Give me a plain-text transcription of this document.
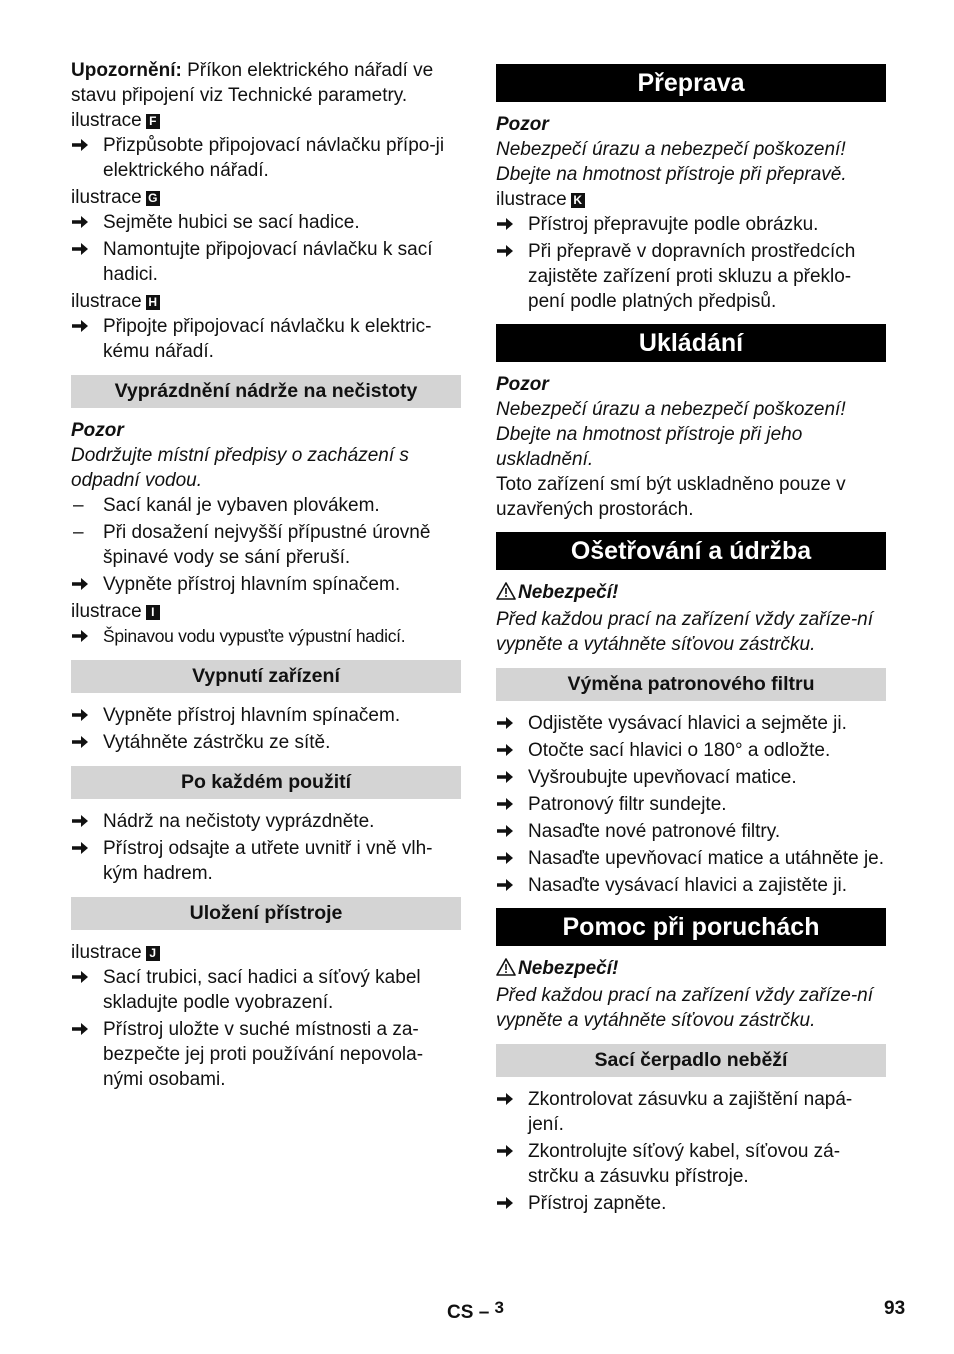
Upozornění: Příkon elektrického nářadí ve stavu připojení viz Technické parametry.

ilustrace F
Přizpůsobte připojovací návlačku přípo-ji elektrického nářadí.
ilustrace G
Sejměte hubici se sací hadice.
Namontujte připojovací návlačku k sací hadici.
ilustrace H
Připojte připojovací návlačku k elektric-kému nářadí.
Vyprázdnění nádrže na nečistoty
Pozor

Dodržujte místní předpisy o zacházení s odpadní vodou.

–	Sací kanál je vybaven plovákem.
–	Při dosažení nejvyšší přípustné úrovně špinavé vody se sání přeruší.
Vypněte přístroj hlavním spínačem.
ilustrace I
Špinavou vodu vypusťte výpustní hadicí.
Vypnutí zařízení
Vypněte přístroj hlavním spínačem.
Vytáhněte zástrčku ze sítě.
Po každém použití
Nádrž na nečistoty vyprázdněte.
Přístroj odsajte a utřete uvnitř i vně vlh-kým hadrem.
Uložení přístroje
ilustrace J
Sací trubici, sací hadici a síťový kabel skladujte podle vyobrazení.
Přístroj uložte v suché místnosti a za-bezpečte jej proti používání nepovola-nými osobami.
Přeprava
Pozor

Nebezpečí úrazu a nebezpečí poškození! Dbejte na hmotnost přístroje při přepravě.

ilustrace K
Přístroj přepravujte podle obrázku.
Při přepravě v dopravních prostředcích zajistěte zařízení proti skluzu a překlo-pení podle platných předpisů.
Ukládání
Pozor

Nebezpečí úrazu a nebezpečí poškození! Dbejte na hmotnost přístroje při jeho uskladnění.

Toto zařízení smí být uskladněno pouze v uzavřených prostorách.

Ošetřování a údržba
Nebezpečí!

Před každou prací na zařízení vždy zaříze-ní vypněte a vytáhněte síťovou zástrčku.

Výměna patronového filtru
Odjistěte vysávací hlavici a sejměte ji.
Otočte sací hlavici o 180° a odložte.
Vyšroubujte upevňovací matice.
Patronový filtr sundejte.
Nasaďte nové patronové filtry.
Nasaďte upevňovací matice a utáhněte je.
Nasaďte vysávací hlavici a zajistěte ji.
Pomoc při poruchách
Nebezpečí!

Před každou prací na zařízení vždy zaříze-ní vypněte a vytáhněte síťovou zástrčku.

Sací čerpadlo neběží
Zkontrolovat zásuvku a zajištění napá-jení.
Zkontrolujte síťový kabel, síťovou zá-strčku a zásuvku přístroje.
Přístroj zapněte.
CS – 3	93
